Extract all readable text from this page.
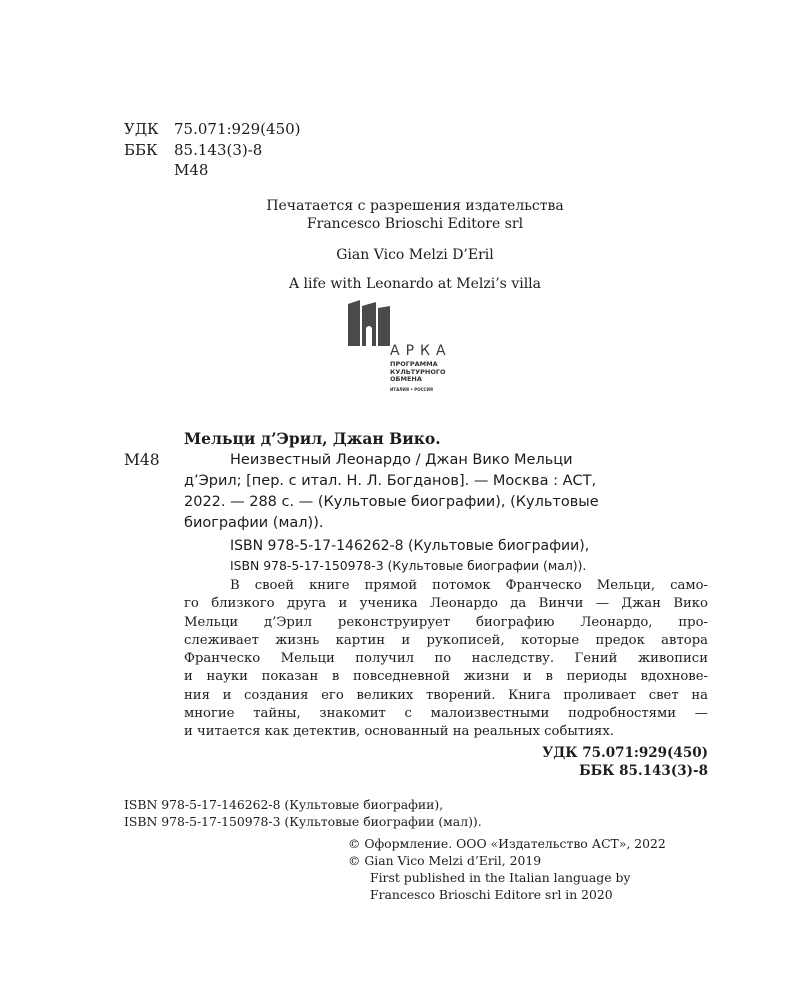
УДК 75.071:929(450)
ББК 85.143(3)-8
М48
Печатается с разрешения издательства
Francesco Brioschi Editore srl
Gian Vico Melzi D’Eril
A life with Leonardo at Melzi’s villa
АРКА
ПРОГРАММА
КУЛЬТУРНОГО
ОБМЕНА
ИТАЛИЯ • РОССИЯ
Мельци д’Эрил, Джан Вико.
М48	Неизвестный Леонардо / Джан Вико Мельци
д’Эрил; [пер. с итал. Н. Л. Богданов]. — Москва : АСТ,
2022. — 288 с. — (Культовые биографии), (Культовые
биографии (мал)).
ISBN 978-5-17-146262-8 (Культовые биографии),
ISBN 978-5-17-150978-3 (Культовые биографии (мал)).
В своей книге прямой потомок Франческо Мельци, само-
го близкого друга и ученика Леонардо да Винчи — Джан Вико
Мельци д’Эрил реконструирует биографию Леонардо, про-
слеживает жизнь картин и рукописей, которые предок автора
Франческо Мельци получил по наследству. Гений живописи
и науки показан в повседневной жизни и в периоды вдохнове-
ния и создания его великих творений. Книга проливает свет на
многие тайны, знакомит с малоизвестными подробностями —
и читается как детектив, основанный на реальных событиях.
УДК 75.071:929(450)
ББК 85.143(3)-8
ISBN 978-5-17-146262-8 (Культовые биографии),
ISBN 978-5-17-150978-3 (Культовые биографии (мал)).
© Оформление. ООО «Издательство АСТ», 2022
© Gian Vico Melzi d’Eril, 2019
First published in the Italian language by
Francesco Brioschi Editore srl in 2020
